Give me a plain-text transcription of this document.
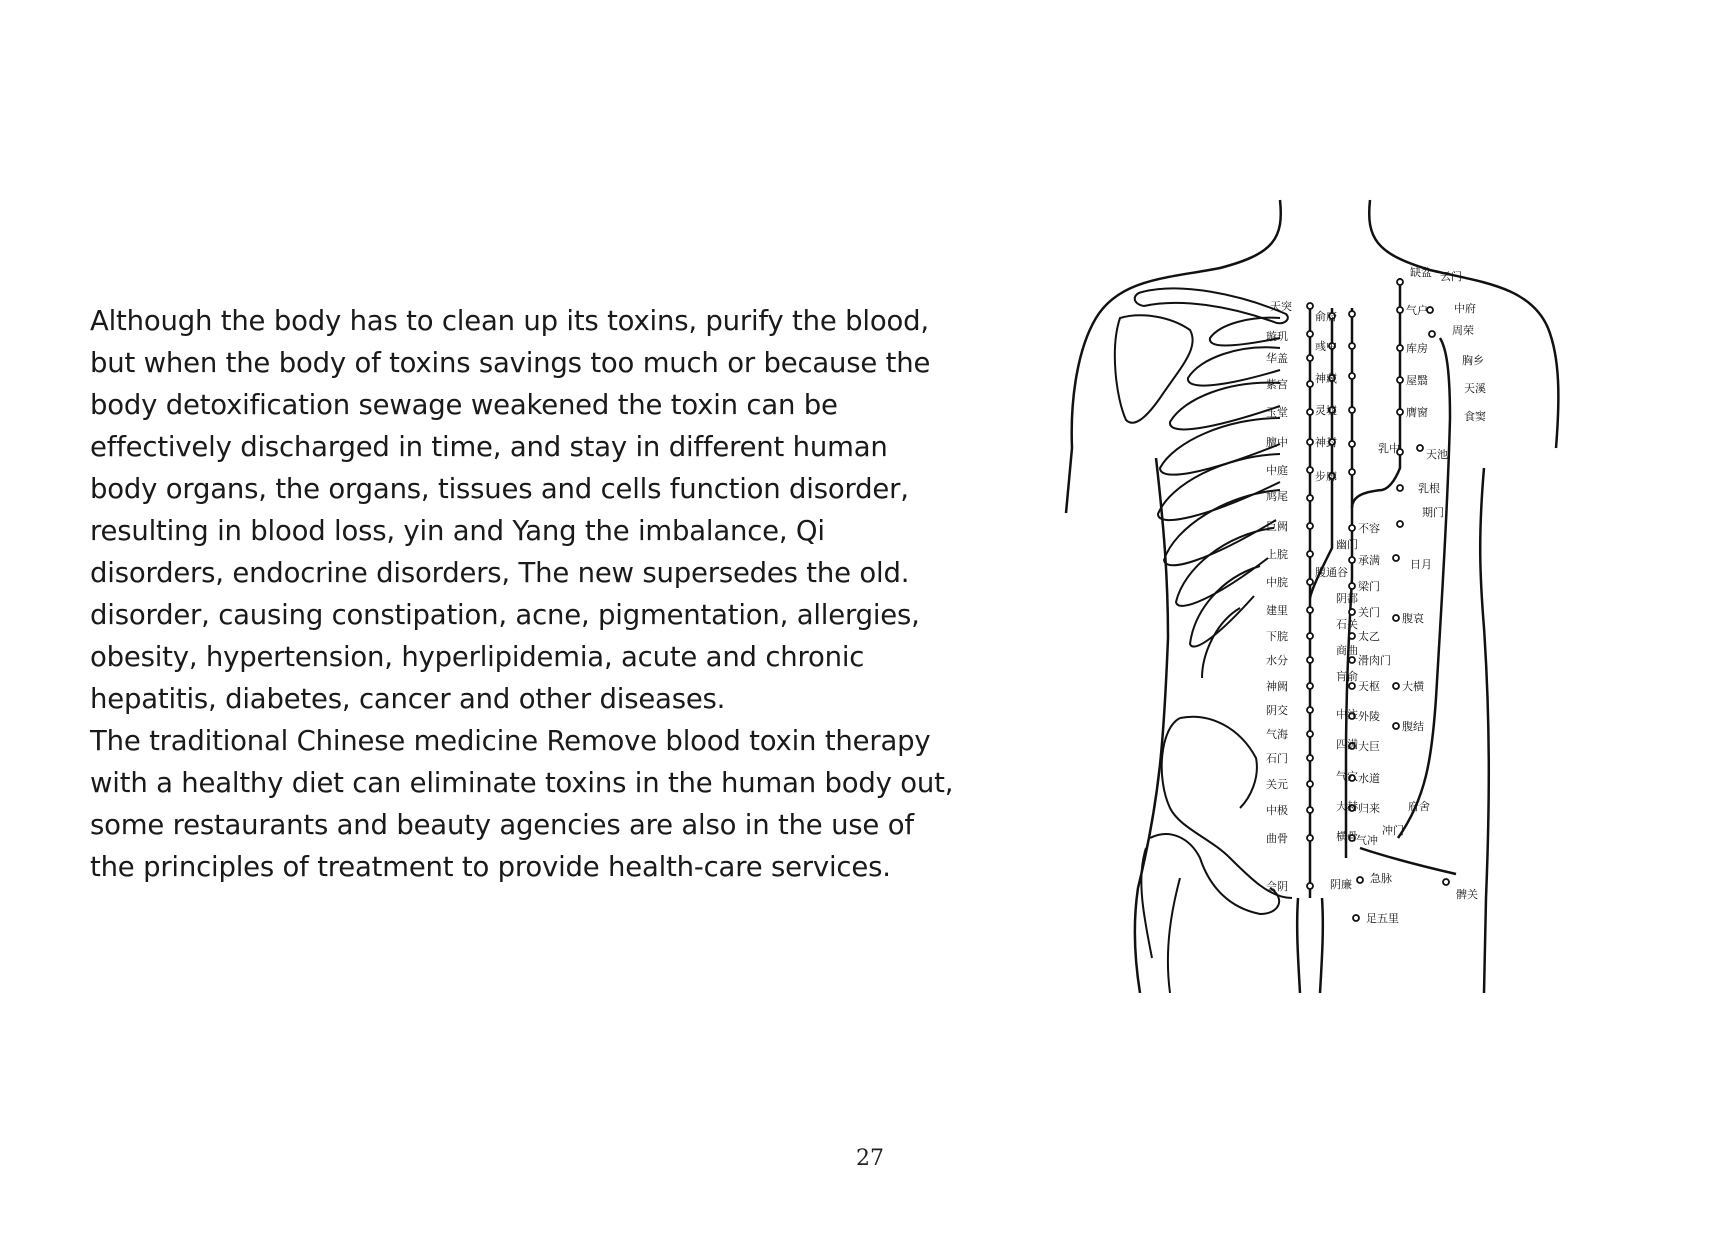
Although the body has to clean up its toxins, purify the blood, but when the body of toxins savings too much or because the body detoxification sewage weakened the toxin can be effectively discharged in time, and stay in different human body organs, the organs, tissues and cells function disorder, resulting in blood loss, yin and Yang the imbalance, Qi disorders, endocrine disorders, The new supersedes the old. disorder, causing constipation, acne, pigmentation, allergies, obesity, hypertension, hyperlipidemia, acute and chronic hepatitis, diabetes, cancer and other diseases.

The traditional Chinese medicine Remove blood toxin therapy with a healthy diet can eliminate toxins in the human body out, some restaurants and beauty agencies are also in the use of the principles of treatment to provide health-care services.

天突
璇玑
华盖
紫宫
玉堂
膻中
中庭
鸠尾
巨阙
上脘
中脘
建里
下脘
水分
神阙
阴交
气海
石门
关元
中极
曲骨
会阴
俞府
彧中
神藏
灵墟
神封
步廊
幽门
腹通谷
阴都
石关
商曲
肓俞
中注
四满
气穴
大赫
横骨
缺盆
气户
库房
屋翳
膺窗
乳中
乳根
不容
承满
梁门
关门
太乙
滑肉门
天枢
外陵
大巨
水道
归来
气冲
周荣
胸乡
天溪
食窦
天池
期门
日月
腹哀
大横
腹结
府舍
冲门
云门
中府
急脉
阴廉
足五里
髀关
27
